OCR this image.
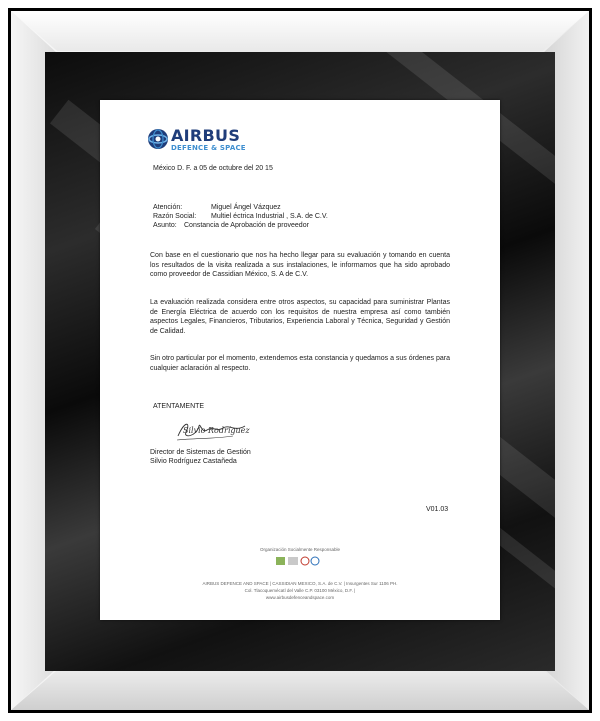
AIRBUS
DEFENCE & SPACE
México D. F. a 05 de octubre del 20 15
Atención:	Miguel Ángel Vázquez
Razón Social: Multiel éctrica Industrial , S.A. de C.V.
Asunto: Constancia de Aprobación de proveedor
Con base en el cuestionario que nos ha hecho llegar para su evaluación y tomando en cuenta los resultados de la visita realizada a sus instalaciones, le informamos que ha sido aprobado como proveedor de Cassidian México, S. A de C.V.
La evaluación realizada considera entre otros aspectos, su capacidad para suministrar Plantas de Energía Eléctrica de acuerdo con los requisitos de nuestra empresa así como también aspectos Legales, Financieros, Tributarios, Experiencia Laboral y Técnica, Seguridad y Gestión de Calidad.
Sin otro particular por el momento, extendemos esta constancia y quedamos a sus órdenes para cualquier aclaración al respecto.
ATENTAMENTE
Silvio Rodríguez
Director de Sistemas de Gestión
Silvio Rodríguez Castañeda
V01.03
Organización Socialmente Responsable
AIRBUS DEFENCE AND SPACE | CASSIDIAN MEXICO, S.A. de C.V. | Insurgentes Sur 1106 PH.
Col. Tlacoquemécatl del Valle C.P. 03100 México, D.F. |
www.airbusdefenceandspace.com
